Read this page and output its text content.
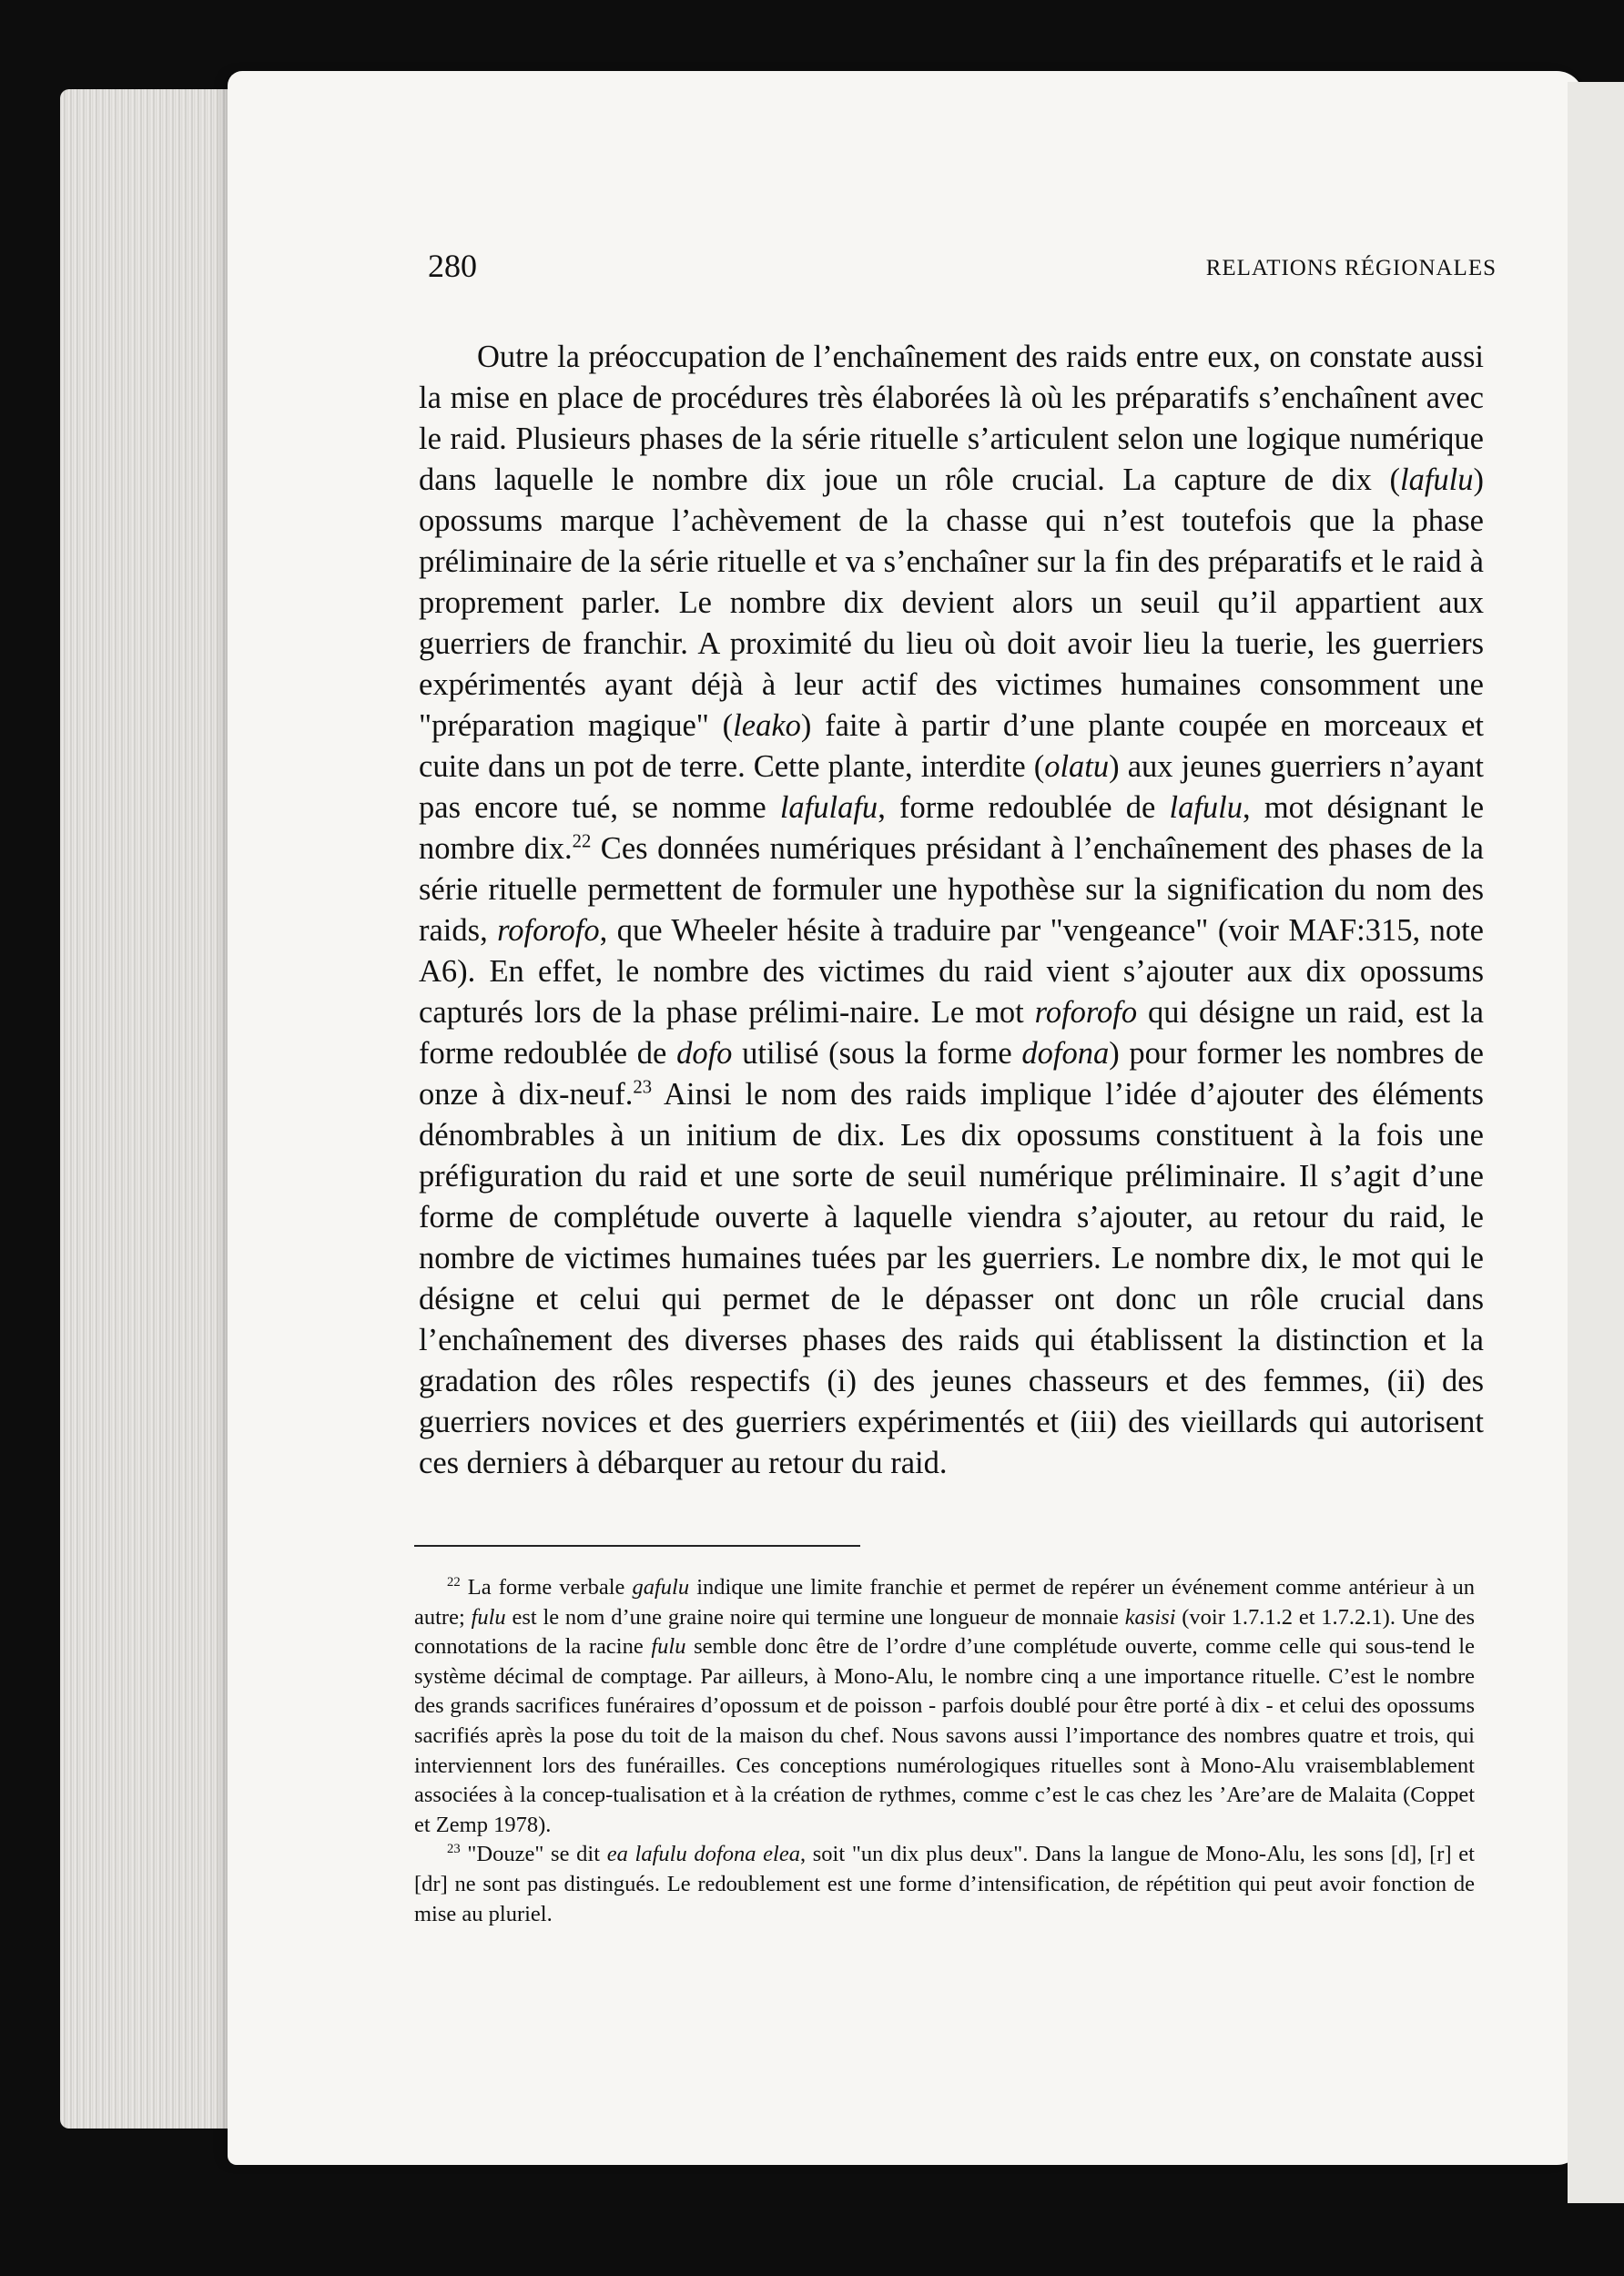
280	RELATIONS RÉGIONALES

Outre la préoccupation de l’enchaînement des raids entre eux, on constate aussi la mise en place de procédures très élaborées là où les préparatifs s’enchaînent avec le raid. Plusieurs phases de la série rituelle s’articulent selon une logique numérique dans laquelle le nombre dix joue un rôle crucial. La capture de dix (lafulu) opossums marque l’achèvement de la chasse qui n’est toutefois que la phase préliminaire de la série rituelle et va s’enchaîner sur la fin des préparatifs et le raid à proprement parler. Le nombre dix devient alors un seuil qu’il appartient aux guerriers de franchir. A proximité du lieu où doit avoir lieu la tuerie, les guerriers expérimentés ayant déjà à leur actif des victimes humaines consomment une "préparation magique" (leako) faite à partir d’une plante coupée en morceaux et cuite dans un pot de terre. Cette plante, interdite (olatu) aux jeunes guerriers n’ayant pas encore tué, se nomme lafulafu, forme redoublée de lafulu, mot désignant le nombre dix.$^{22}$ Ces données numériques présidant à l’enchaînement des phases de la série rituelle permettent de formuler une hypothèse sur la signification du nom des raids, roforofo, que Wheeler hésite à traduire par "vengeance" (voir MAF:315, note A6). En effet, le nombre des victimes du raid vient s’ajouter aux dix opossums capturés lors de la phase prélimi-naire. Le mot roforofo qui désigne un raid, est la forme redoublée de dofo utilisé (sous la forme dofona) pour former les nombres de onze à dix-neuf.$^{23}$ Ainsi le nom des raids implique l’idée d’ajouter des éléments dénombrables à un initium de dix. Les dix opossums constituent à la fois une préfiguration du raid et une sorte de seuil numérique préliminaire. Il s’agit d’une forme de complétude ouverte à laquelle viendra s’ajouter, au retour du raid, le nombre de victimes humaines tuées par les guerriers. Le nombre dix, le mot qui le désigne et celui qui permet de le dépasser ont donc un rôle crucial dans l’enchaînement des diverses phases des raids qui établissent la distinction et la gradation des rôles respectifs (i) des jeunes chasseurs et des femmes, (ii) des guerriers novices et des guerriers expérimentés et (iii) des vieillards qui autorisent ces derniers à débarquer au retour du raid.

$^{22}$ La forme verbale gafulu indique une limite franchie et permet de repérer un événement comme antérieur à un autre; fulu est le nom d’une graine noire qui termine une longueur de monnaie kasisi (voir 1.7.1.2 et 1.7.2.1). Une des connotations de la racine fulu semble donc être de l’ordre d’une complétude ouverte, comme celle qui sous-tend le système décimal de comptage. Par ailleurs, à Mono-Alu, le nombre cinq a une importance rituelle. C’est le nombre des grands sacrifices funéraires d’opossum et de poisson - parfois doublé pour être porté à dix - et celui des opossums sacrifiés après la pose du toit de la maison du chef. Nous savons aussi l’importance des nombres quatre et trois, qui interviennent lors des funérailles. Ces conceptions numérologiques rituelles sont à Mono-Alu vraisemblablement associées à la concep-tualisation et à la création de rythmes, comme c’est le cas chez les ’Are’are de Malaita (Coppet et Zemp 1978).

$^{23}$ "Douze" se dit ea lafulu dofona elea, soit "un dix plus deux". Dans la langue de Mono-Alu, les sons [d], [r] et [dr] ne sont pas distingués. Le redoublement est une forme d’intensification, de répétition qui peut avoir fonction de mise au pluriel.
